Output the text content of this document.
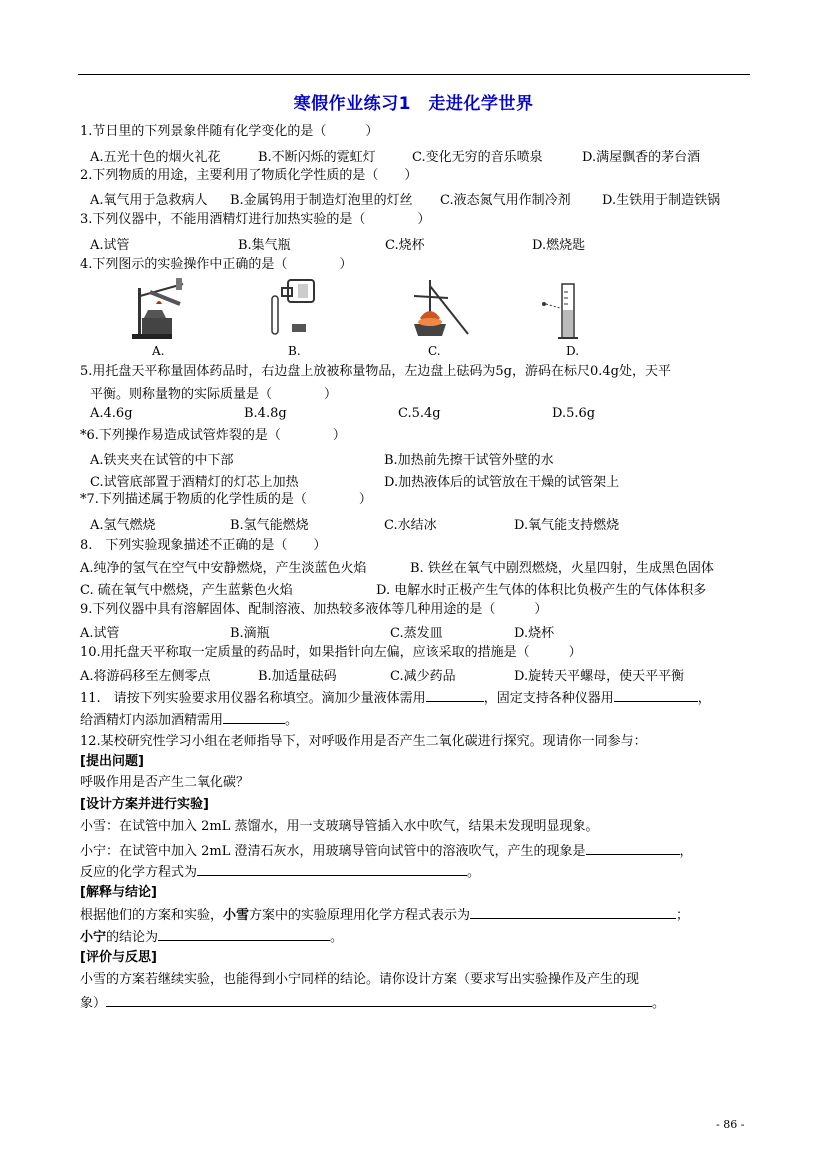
寒假作业练习1　走进化学世界
1.节日里的下列景象伴随有化学变化的是（　　　）
A.五光十色的烟火礼花	B.不断闪烁的霓虹灯	C.变化无穷的音乐喷泉	D.满屋飘香的茅台酒
2.下列物质的用途，主要利用了物质化学性质的是（　　）
A.氧气用于急救病人 B.金属钨用于制造灯泡里的灯丝 C.液态氮气用作制冷剂 D.生铁用于制造铁锅
3.下列仪器中，不能用酒精灯进行加热实验的是（　　　　）
A.试管	B.集气瓶	C.烧杯	D.燃烧匙
4.下列图示的实验操作中正确的是（　　　　）
A.	B.	C.	D.
5.用托盘天平称量固体药品时，右边盘上放被称量物品，左边盘上砝码为5g，游码在标尺0.4g处，天平
平衡。则称量物的实际质量是（　　　　）
A.4.6g	B.4.8g	C.5.4g	D.5.6g
*6.下列操作易造成试管炸裂的是（　　　　）
A.铁夹夹在试管的中下部	B.加热前先擦干试管外壁的水
C.试管底部置于酒精灯的灯芯上加热	D.加热液体后的试管放在干燥的试管架上
*7.下列描述属于物质的化学性质的是（　　　　）
A.氢气燃烧	B.氢气能燃烧	C.水结冰	D.氧气能支持燃烧
8.　下列实验现象描述不正确的是（　　）
A.纯净的氢气在空气中安静燃烧，产生淡蓝色火焰	B. 铁丝在氧气中剧烈燃烧，火星四射，生成黑色固体
C. 硫在氧气中燃烧，产生蓝紫色火焰	D. 电解水时正极产生气体的体积比负极产生的气体体积多
9.下列仪器中具有溶解固体、配制溶液、加热较多液体等几种用途的是（　　　）
A.试管	B.滴瓶	C.蒸发皿	D.烧杯
10.用托盘天平称取一定质量的药品时，如果指针向左偏，应该采取的措施是（　　　）
A.将游码移至左侧零点	B.加适量砝码	C.减少药品	D.旋转天平螺母，使天平平衡
11.　请按下列实验要求用仪器名称填空。滴加少量液体需用	，固定支持各种仪器用	，
给酒精灯内添加酒精需用	。
12.某校研究性学习小组在老师指导下，对呼吸作用是否产生二氧化碳进行探究。现请你一同参与：
[提出问题]
呼吸作用是否产生二氧化碳？
[设计方案并进行实验]
小雪：在试管中加入 2mL 蒸馏水，用一支玻璃导管插入水中吹气，结果未发现明显现象。
小宁：在试管中加入 2mL 澄清石灰水，用玻璃导管向试管中的溶液吹气，产生的现象是	，
反应的化学方程式为	。
[解释与结论]
根据他们的方案和实验，小雪方案中的实验原理用化学方程式表示为	；
小宁的结论为	。
[评价与反思]
小雪的方案若继续实验，也能得到小宁同样的结论。请你设计方案（要求写出实验操作及产生的现
象）	。
- 86 -
